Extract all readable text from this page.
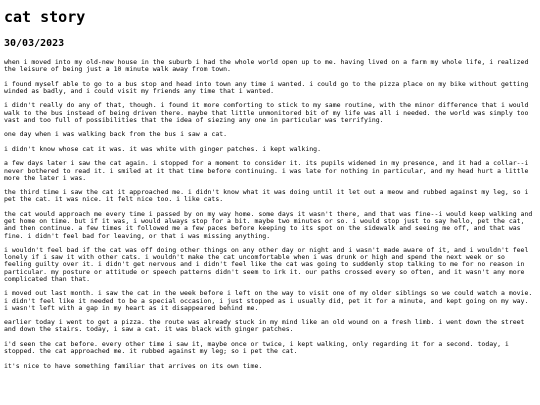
cat story
30/03/2023

when i moved into my old-new house in the suburb i had the whole world open up to me. having lived on a farm my whole life, i realized the leisure of being just a 10 minute walk away from town.

i found myself able to go to a bus stop and head into town any time i wanted. i could go to the pizza place on my bike without getting winded as badly, and i could visit my friends any time that i wanted.

i didn't really do any of that, though. i found it more comforting to stick to my same routine, with the minor difference that i would walk to the bus instead of being driven there. maybe that little unmonitored bit of my life was all i needed. the world was simply too vast and too full of possibilities that the idea of siezing any one in particular was terrifying.

one day when i was walking back from the bus i saw a cat.

i didn't know whose cat it was. it was white with ginger patches. i kept walking.

a few days later i saw the cat again. i stopped for a moment to consider it. its pupils widened in my presence, and it had a collar--i never bothered to read it. i smiled at it that time before continuing. i was late for nothing in particular, and my head hurt a little more the later i was.

the third time i saw the cat it approached me. i didn't know what it was doing until it let out a meow and rubbed against my leg, so i pet the cat. it was nice. it felt nice too. i like cats.

the cat would approach me every time i passed by on my way home. some days it wasn't there, and that was fine--i would keep walking and get home on time. but if it was, i would always stop for a bit. maybe two minutes or so. i would stop just to say hello, pet the cat, and then continue. a few times it followed me a few paces before keeping to its spot on the sidewalk and seeing me off, and that was fine. i didn't feel bad for leaving, or that i was missing anything.

i wouldn't feel bad if the cat was off doing other things on any other day or night and i wasn't made aware of it, and i wouldn't feel lonely if i saw it with other cats. i wouldn't make the cat uncomfortable when i was drunk or high and spend the next week or so feeling guilty over it. i didn't get nervous and i didn't feel like the cat was going to suddenly stop talking to me for no reason in particular. my posture or attitude or speech patterns didn't seem to irk it. our paths crossed every so often, and it wasn't any more complicated than that.

i moved out last month. i saw the cat in the week before i left on the way to visit one of my older siblings so we could watch a movie. i didn't feel like it needed to be a special occasion, i just stopped as i usually did, pet it for a minute, and kept going on my way. i wasn't left with a gap in my heart as it disappeared behind me.

earlier today i went to get a pizza. the route was already stuck in my mind like an old wound on a fresh limb. i went down the street and down the stairs. today, i saw a cat. it was black with ginger patches.

i'd seen the cat before. every other time i saw it, maybe once or twice, i kept walking, only regarding it for a second. today, i stopped. the cat approached me. it rubbed against my leg; so i pet the cat.

it's nice to have something familiar that arrives on its own time.
